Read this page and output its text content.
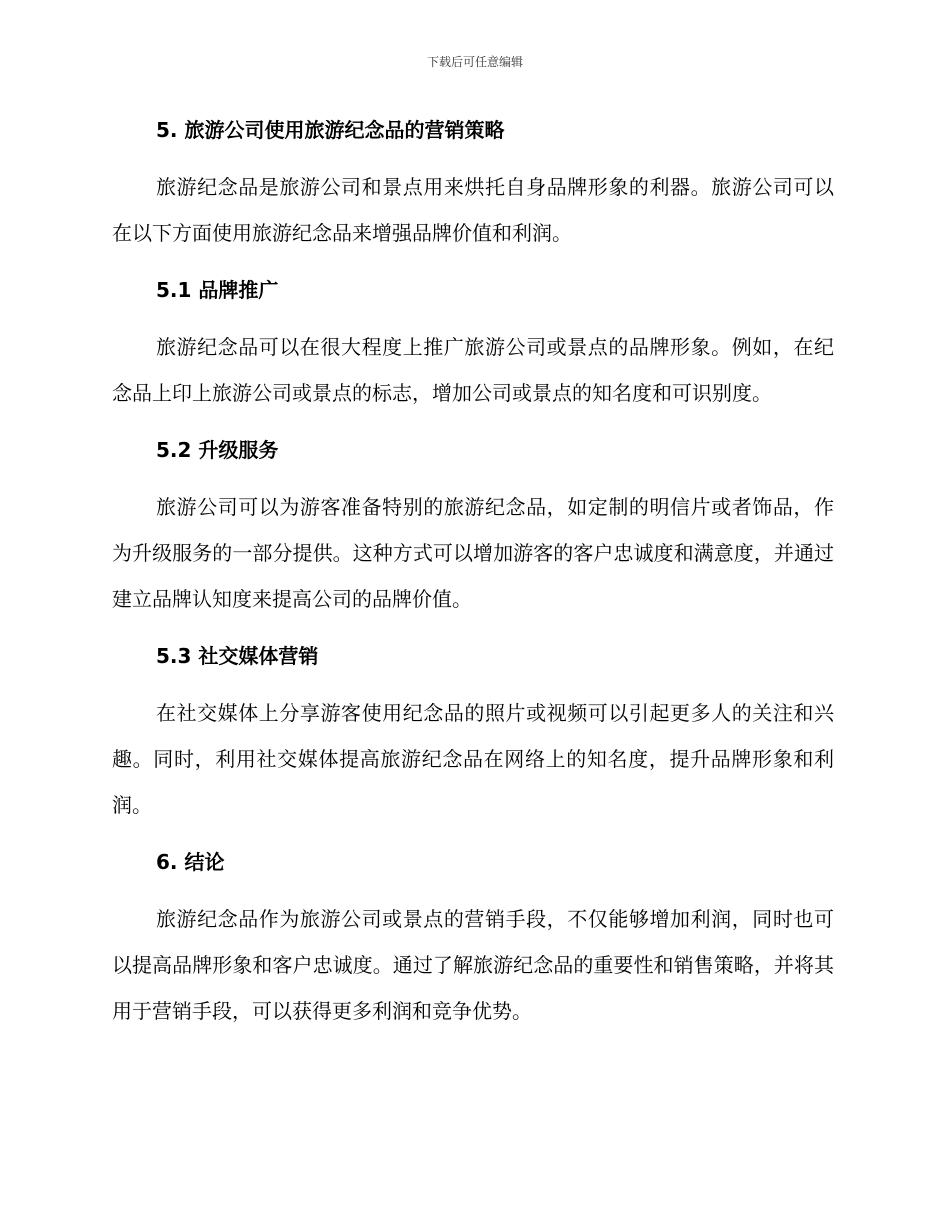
下载后可任意编辑
5. 旅游公司使用旅游纪念品的营销策略

旅游纪念品是旅游公司和景点用来烘托自身品牌形象的利器。旅游公司可以在以下方面使用旅游纪念品来增强品牌价值和利润。

5.1 品牌推广

旅游纪念品可以在很大程度上推广旅游公司或景点的品牌形象。例如，在纪念品上印上旅游公司或景点的标志，增加公司或景点的知名度和可识别度。

5.2 升级服务

旅游公司可以为游客准备特别的旅游纪念品，如定制的明信片或者饰品，作为升级服务的一部分提供。这种方式可以增加游客的客户忠诚度和满意度，并通过建立品牌认知度来提高公司的品牌价值。

5.3 社交媒体营销

在社交媒体上分享游客使用纪念品的照片或视频可以引起更多人的关注和兴趣。同时，利用社交媒体提高旅游纪念品在网络上的知名度，提升品牌形象和利润。

6. 结论

旅游纪念品作为旅游公司或景点的营销手段，不仅能够增加利润，同时也可以提高品牌形象和客户忠诚度。通过了解旅游纪念品的重要性和销售策略，并将其用于营销手段，可以获得更多利润和竞争优势。
